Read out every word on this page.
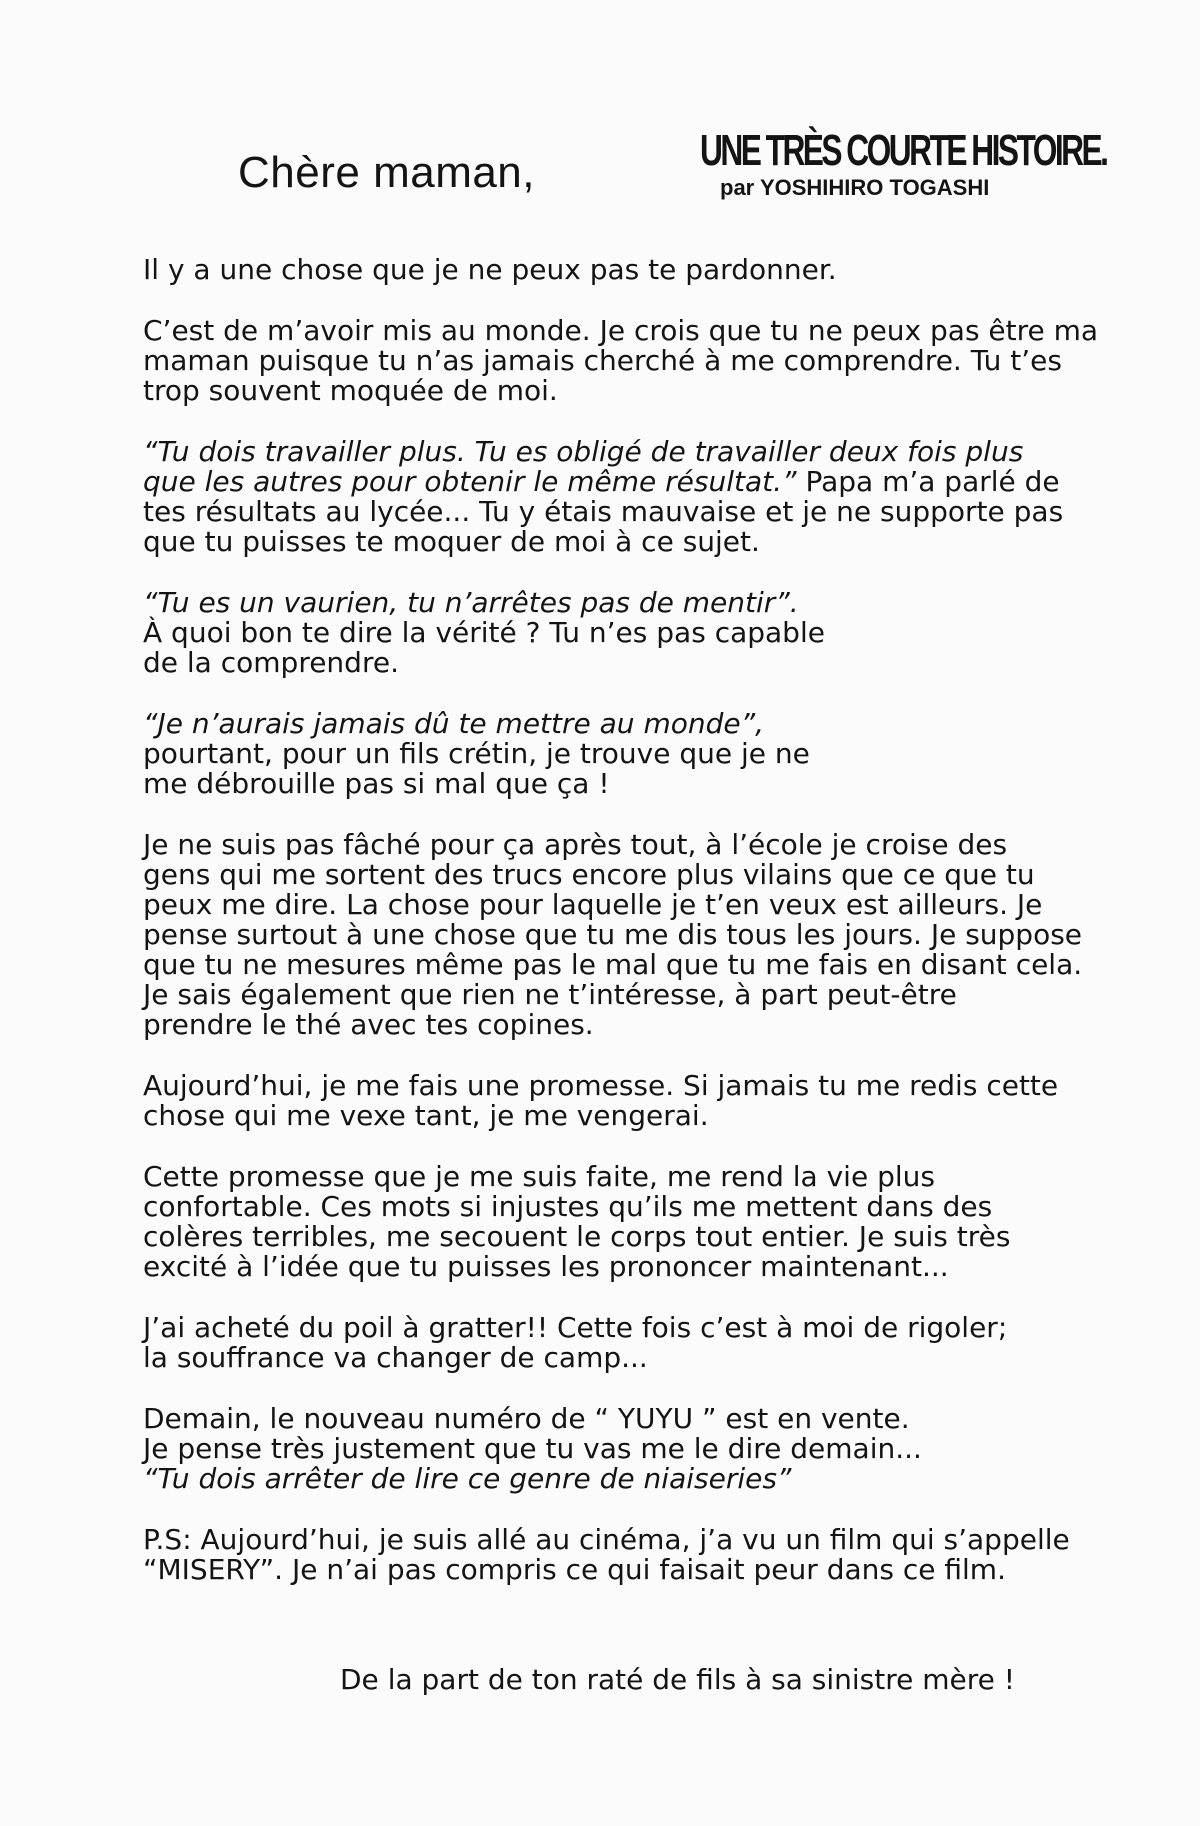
Chère maman,	UNE TRÈS COURTE HISTOIRE.
par YOSHIHIRO TOGASHI

Il y a une chose que je ne peux pas te pardonner.

C’est de m’avoir mis au monde. Je crois que tu ne peux pas être ma
maman puisque tu n’as jamais cherché à me comprendre. Tu t’es
trop souvent moquée de moi.

“Tu dois travailler plus. Tu es obligé de travailler deux fois plus
que les autres pour obtenir le même résultat.” Papa m’a parlé de
tes résultats au lycée... Tu y étais mauvaise et je ne supporte pas
que tu puisses te moquer de moi à ce sujet.

“Tu es un vaurien, tu n’arrêtes pas de mentir”.
À quoi bon te dire la vérité ? Tu n’es pas capable
de la comprendre.

“Je n’aurais jamais dû te mettre au monde”,
pourtant, pour un fils crétin, je trouve que je ne
me débrouille pas si mal que ça !

Je ne suis pas fâché pour ça après tout, à l’école je croise des
gens qui me sortent des trucs encore plus vilains que ce que tu
peux me dire. La chose pour laquelle je t’en veux est ailleurs. Je
pense surtout à une chose que tu me dis tous les jours. Je suppose
que tu ne mesures même pas le mal que tu me fais en disant cela.
Je sais également que rien ne t’intéresse, à part peut-être
prendre le thé avec tes copines.

Aujourd’hui, je me fais une promesse. Si jamais tu me redis cette
chose qui me vexe tant, je me vengerai.

Cette promesse que je me suis faite, me rend la vie plus
confortable. Ces mots si injustes qu’ils me mettent dans des
colères terribles, me secouent le corps tout entier. Je suis très
excité à l’idée que tu puisses les prononcer maintenant...

J’ai acheté du poil à gratter!! Cette fois c’est à moi de rigoler;
la souffrance va changer de camp...

Demain, le nouveau numéro de “ YUYU ” est en vente.
Je pense très justement que tu vas me le dire demain...
“Tu dois arrêter de lire ce genre de niaiseries”

P.S: Aujourd’hui, je suis allé au cinéma, j’a vu un film qui s’appelle
“MISERY”. Je n’ai pas compris ce qui faisait peur dans ce film.

De la part de ton raté de fils à sa sinistre mère !
